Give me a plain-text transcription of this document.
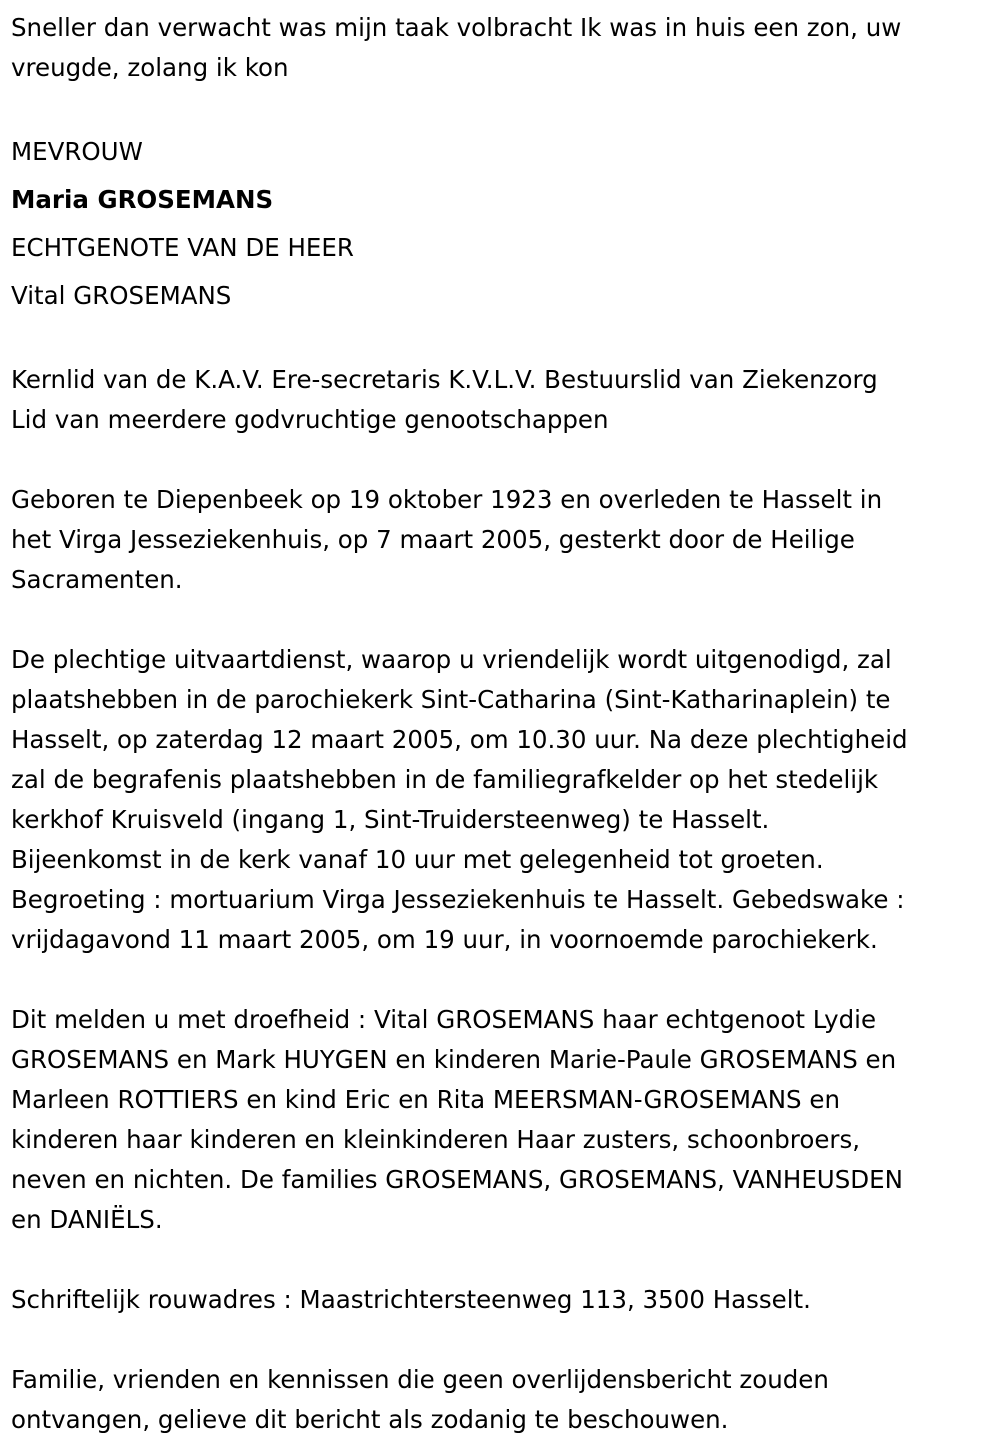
Sneller dan verwacht was mijn taak volbracht Ik was in huis een zon, uw

vreugde, zolang ik kon

MEVROUW

Maria GROSEMANS

ECHTGENOTE VAN DE HEER

Vital GROSEMANS

Kernlid van de K.A.V. Ere-secretaris K.V.L.V. Bestuurslid van Ziekenzorg

Lid van meerdere godvruchtige genootschappen

Geboren te Diepenbeek op 19 oktober 1923 en overleden te Hasselt in

het Virga Jesseziekenhuis, op 7 maart 2005, gesterkt door de Heilige

Sacramenten.

De plechtige uitvaartdienst, waarop u vriendelijk wordt uitgenodigd, zal

plaatshebben in de parochiekerk Sint-Catharina (Sint-Katharinaplein) te

Hasselt, op zaterdag 12 maart 2005, om 10.30 uur. Na deze plechtigheid

zal de begrafenis plaatshebben in de familiegrafkelder op het stedelijk

kerkhof Kruisveld (ingang 1, Sint-Truidersteenweg) te Hasselt.

Bijeenkomst in de kerk vanaf 10 uur met gelegenheid tot groeten.

Begroeting : mortuarium Virga Jesseziekenhuis te Hasselt. Gebedswake :

vrijdagavond 11 maart 2005, om 19 uur, in voornoemde parochiekerk.

Dit melden u met droefheid : Vital GROSEMANS haar echtgenoot Lydie

GROSEMANS en Mark HUYGEN en kinderen Marie-Paule GROSEMANS en

Marleen ROTTIERS en kind Eric en Rita MEERSMAN-GROSEMANS en

kinderen haar kinderen en kleinkinderen Haar zusters, schoonbroers,

neven en nichten. De families GROSEMANS, GROSEMANS, VANHEUSDEN

en DANIËLS.

Schriftelijk rouwadres : Maastrichtersteenweg 113, 3500 Hasselt.

Familie, vrienden en kennissen die geen overlijdensbericht zouden

ontvangen, gelieve dit bericht als zodanig te beschouwen.
